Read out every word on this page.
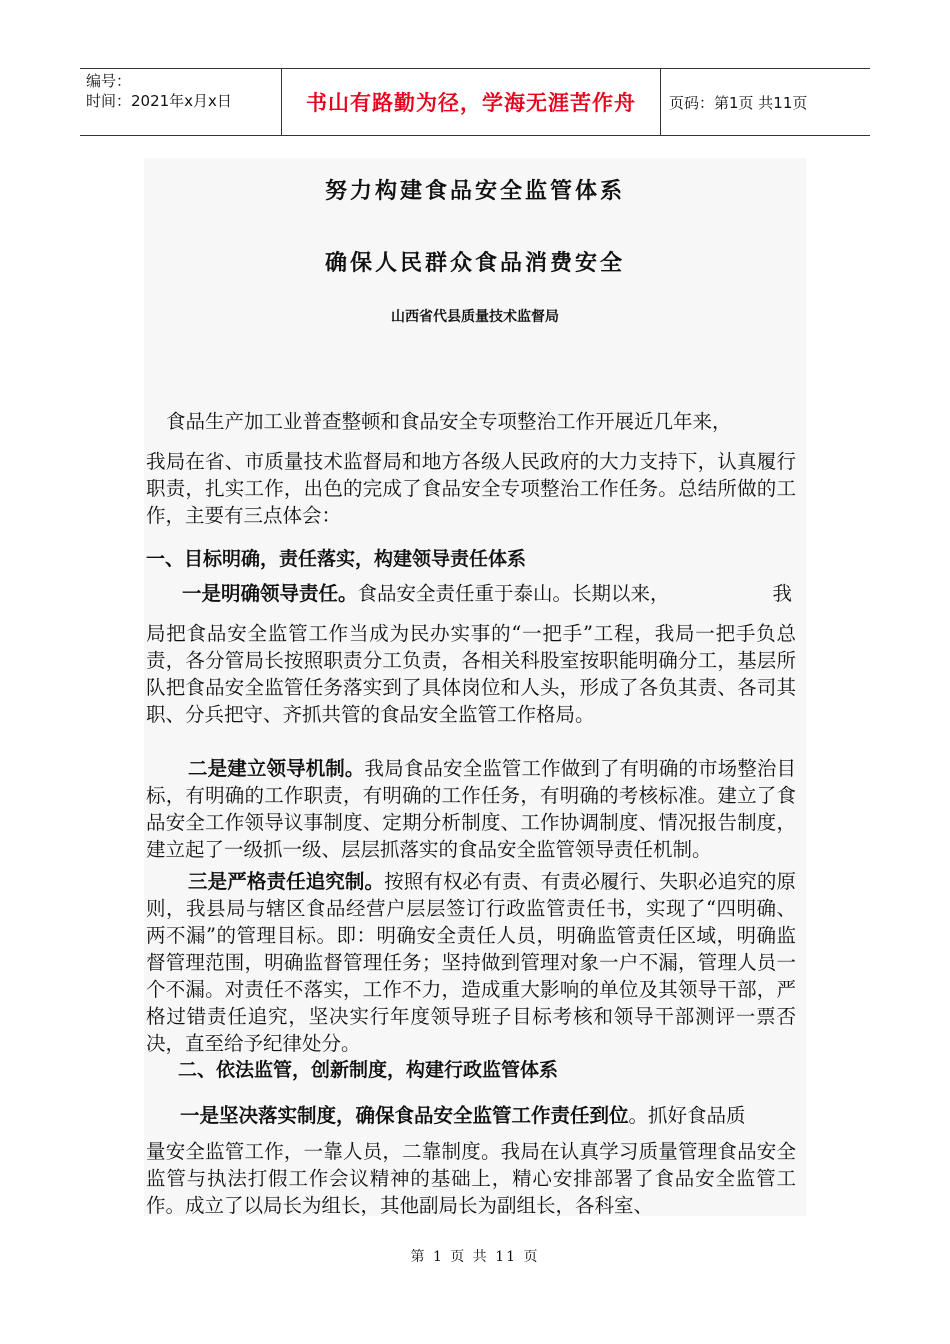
编号：
时间：2021年x月x日	书山有路勤为径，学海无涯苦作舟	页码：第1页 共11页
努力构建食品安全监管体系
确保人民群众食品消费安全
山西省代县质量技术监督局

食品生产加工业普查整顿和食品安全专项整治工作开展近几年来，

我局在省、市质量技术监督局和地方各级人民政府的大力支持下，认真履行职责，扎实工作，出色的完成了食品安全专项整治工作任务。总结所做的工作，主要有三点体会：

一、目标明确，责任落实，构建领导责任体系

一是明确领导责任。食品安全责任重于泰山。长期以来，	我

局把食品安全监管工作当成为民办实事的“一把手”工程，我局一把手负总责，各分管局长按照职责分工负责，各相关科股室按职能明确分工，基层所队把食品安全监管任务落实到了具体岗位和人头，形成了各负其责、各司其职、分兵把守、齐抓共管的食品安全监管工作格局。

二是建立领导机制。我局食品安全监管工作做到了有明确的市场整治目标，有明确的工作职责，有明确的工作任务，有明确的考核标准。建立了食品安全工作领导议事制度、定期分析制度、工作协调制度、情况报告制度，建立起了一级抓一级、层层抓落实的食品安全监管领导责任机制。

三是严格责任追究制。按照有权必有责、有责必履行、失职必追究的原则，我县局与辖区食品经营户层层签订行政监管责任书，实现了“四明确、两不漏”的管理目标。即：明确安全责任人员，明确监管责任区域，明确监督管理范围，明确监督管理任务；坚持做到管理对象一户不漏，管理人员一个不漏。对责任不落实，工作不力，造成重大影响的单位及其领导干部，严格过错责任追究，坚决实行年度领导班子目标考核和领导干部测评一票否决，直至给予纪律处分。

二、依法监管，创新制度，构建行政监管体系

一是坚决落实制度，确保食品安全监管工作责任到位。抓好食品质

量安全监管工作，一靠人员，二靠制度。我局在认真学习质量管理食品安全监管与执法打假工作会议精神的基础上，精心安排部署了食品安全监管工作。成立了以局长为组长，其他副局长为副组长，各科室、

第 1 页 共 11 页
